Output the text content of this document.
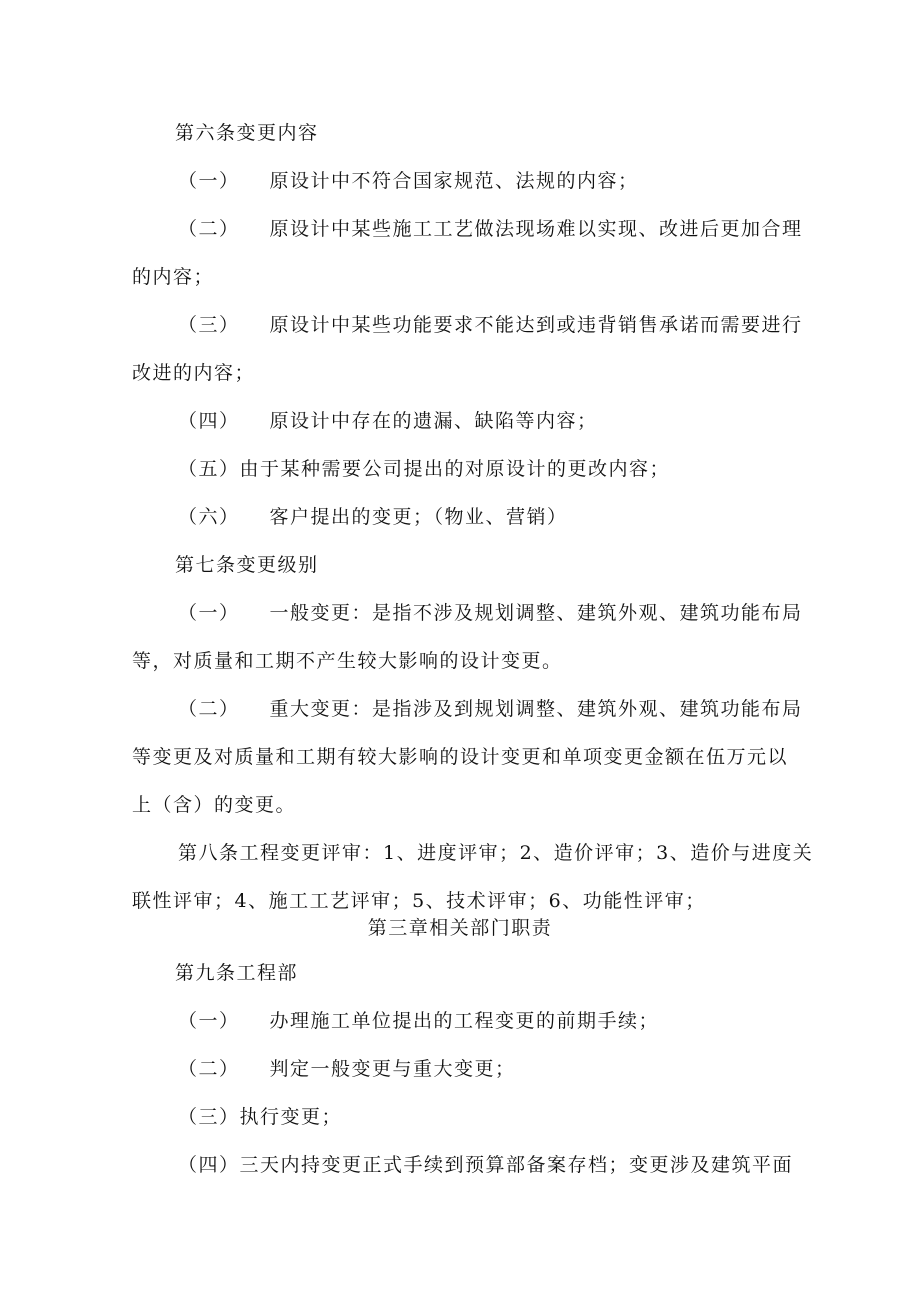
第六条变更内容
（一） 原设计中不符合国家规范、法规的内容；
（二） 原设计中某些施工工艺做法现场难以实现、改进后更加合理
的内容；
（三） 原设计中某些功能要求不能达到或违背销售承诺而需要进行
改进的内容；
（四） 原设计中存在的遗漏、缺陷等内容；
（五）由于某种需要公司提出的对原设计的更改内容；
（六） 客户提出的变更；（物业、营销）
第七条变更级别
（一） 一般变更：是指不涉及规划调整、建筑外观、建筑功能布局
等，对质量和工期不产生较大影响的设计变更。
（二） 重大变更：是指涉及到规划调整、建筑外观、建筑功能布局
等变更及对质量和工期有较大影响的设计变更和单项变更金额在伍万元以
上（含）的变更。
第八条工程变更评审：1、进度评审；2、造价评审；3、造价与进度关
联性评审；4、施工工艺评审；5、技术评审；6、功能性评审；
第三章相关部门职责
第九条工程部
（一） 办理施工单位提出的工程变更的前期手续；
（二） 判定一般变更与重大变更；
（三）执行变更；
（四）三天内持变更正式手续到预算部备案存档；变更涉及建筑平面
